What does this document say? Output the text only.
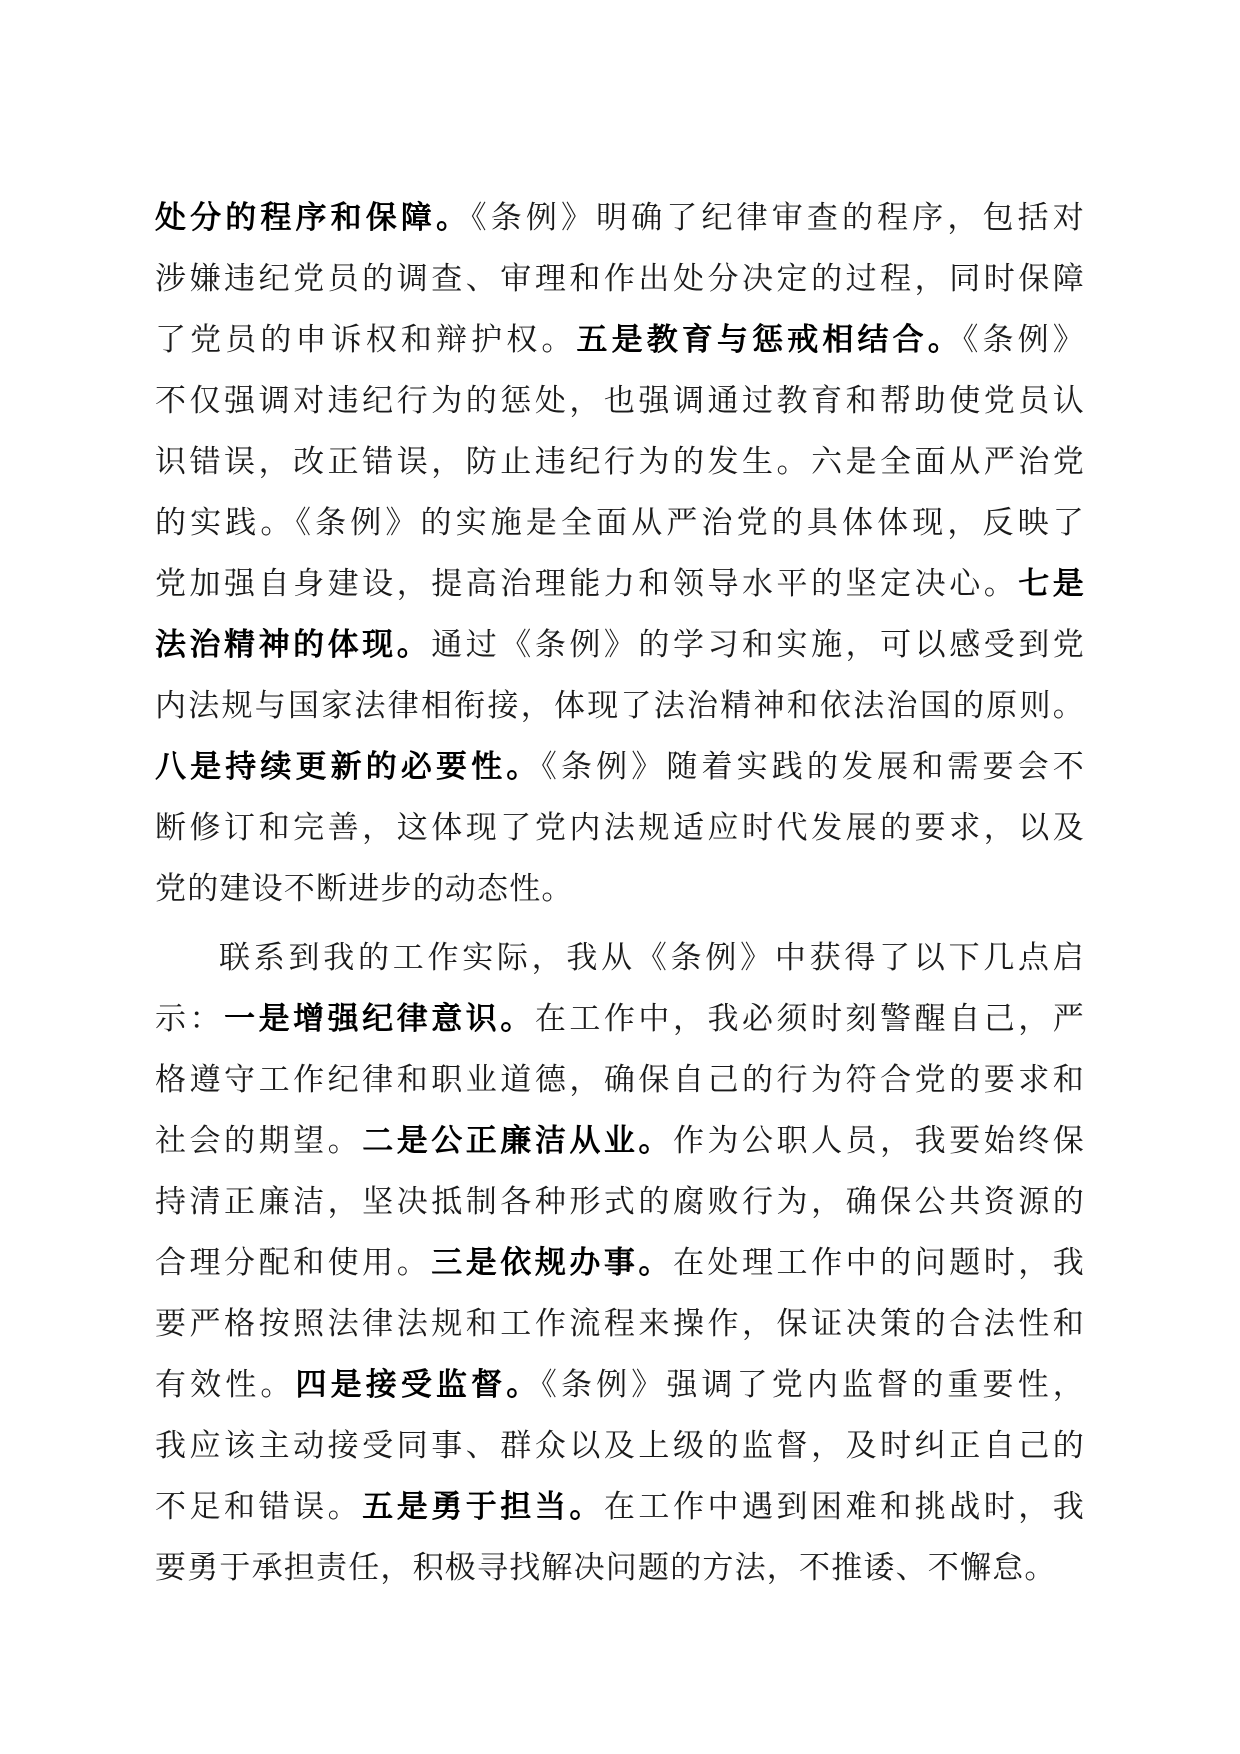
处分的程序和保障。《条例》明确了纪律审查的程序，包括对
涉嫌违纪党员的调查、审理和作出处分决定的过程，同时保障
了党员的申诉权和辩护权。五是教育与惩戒相结合。《条例》
不仅强调对违纪行为的惩处，也强调通过教育和帮助使党员认
识错误，改正错误，防止违纪行为的发生。六是全面从严治党
的实践。《条例》的实施是全面从严治党的具体体现，反映了
党加强自身建设，提高治理能力和领导水平的坚定决心。七是
法治精神的体现。通过《条例》的学习和实施，可以感受到党
内法规与国家法律相衔接，体现了法治精神和依法治国的原则。
八是持续更新的必要性。《条例》随着实践的发展和需要会不
断修订和完善，这体现了党内法规适应时代发展的要求，以及
党的建设不断进步的动态性。
联系到我的工作实际，我从《条例》中获得了以下几点启
示：一是增强纪律意识。在工作中，我必须时刻警醒自己，严
格遵守工作纪律和职业道德，确保自己的行为符合党的要求和
社会的期望。二是公正廉洁从业。作为公职人员，我要始终保
持清正廉洁，坚决抵制各种形式的腐败行为，确保公共资源的
合理分配和使用。三是依规办事。在处理工作中的问题时，我
要严格按照法律法规和工作流程来操作，保证决策的合法性和
有效性。四是接受监督。《条例》强调了党内监督的重要性，
我应该主动接受同事、群众以及上级的监督，及时纠正自己的
不足和错误。五是勇于担当。在工作中遇到困难和挑战时，我
要勇于承担责任，积极寻找解决问题的方法，不推诿、不懈怠。
